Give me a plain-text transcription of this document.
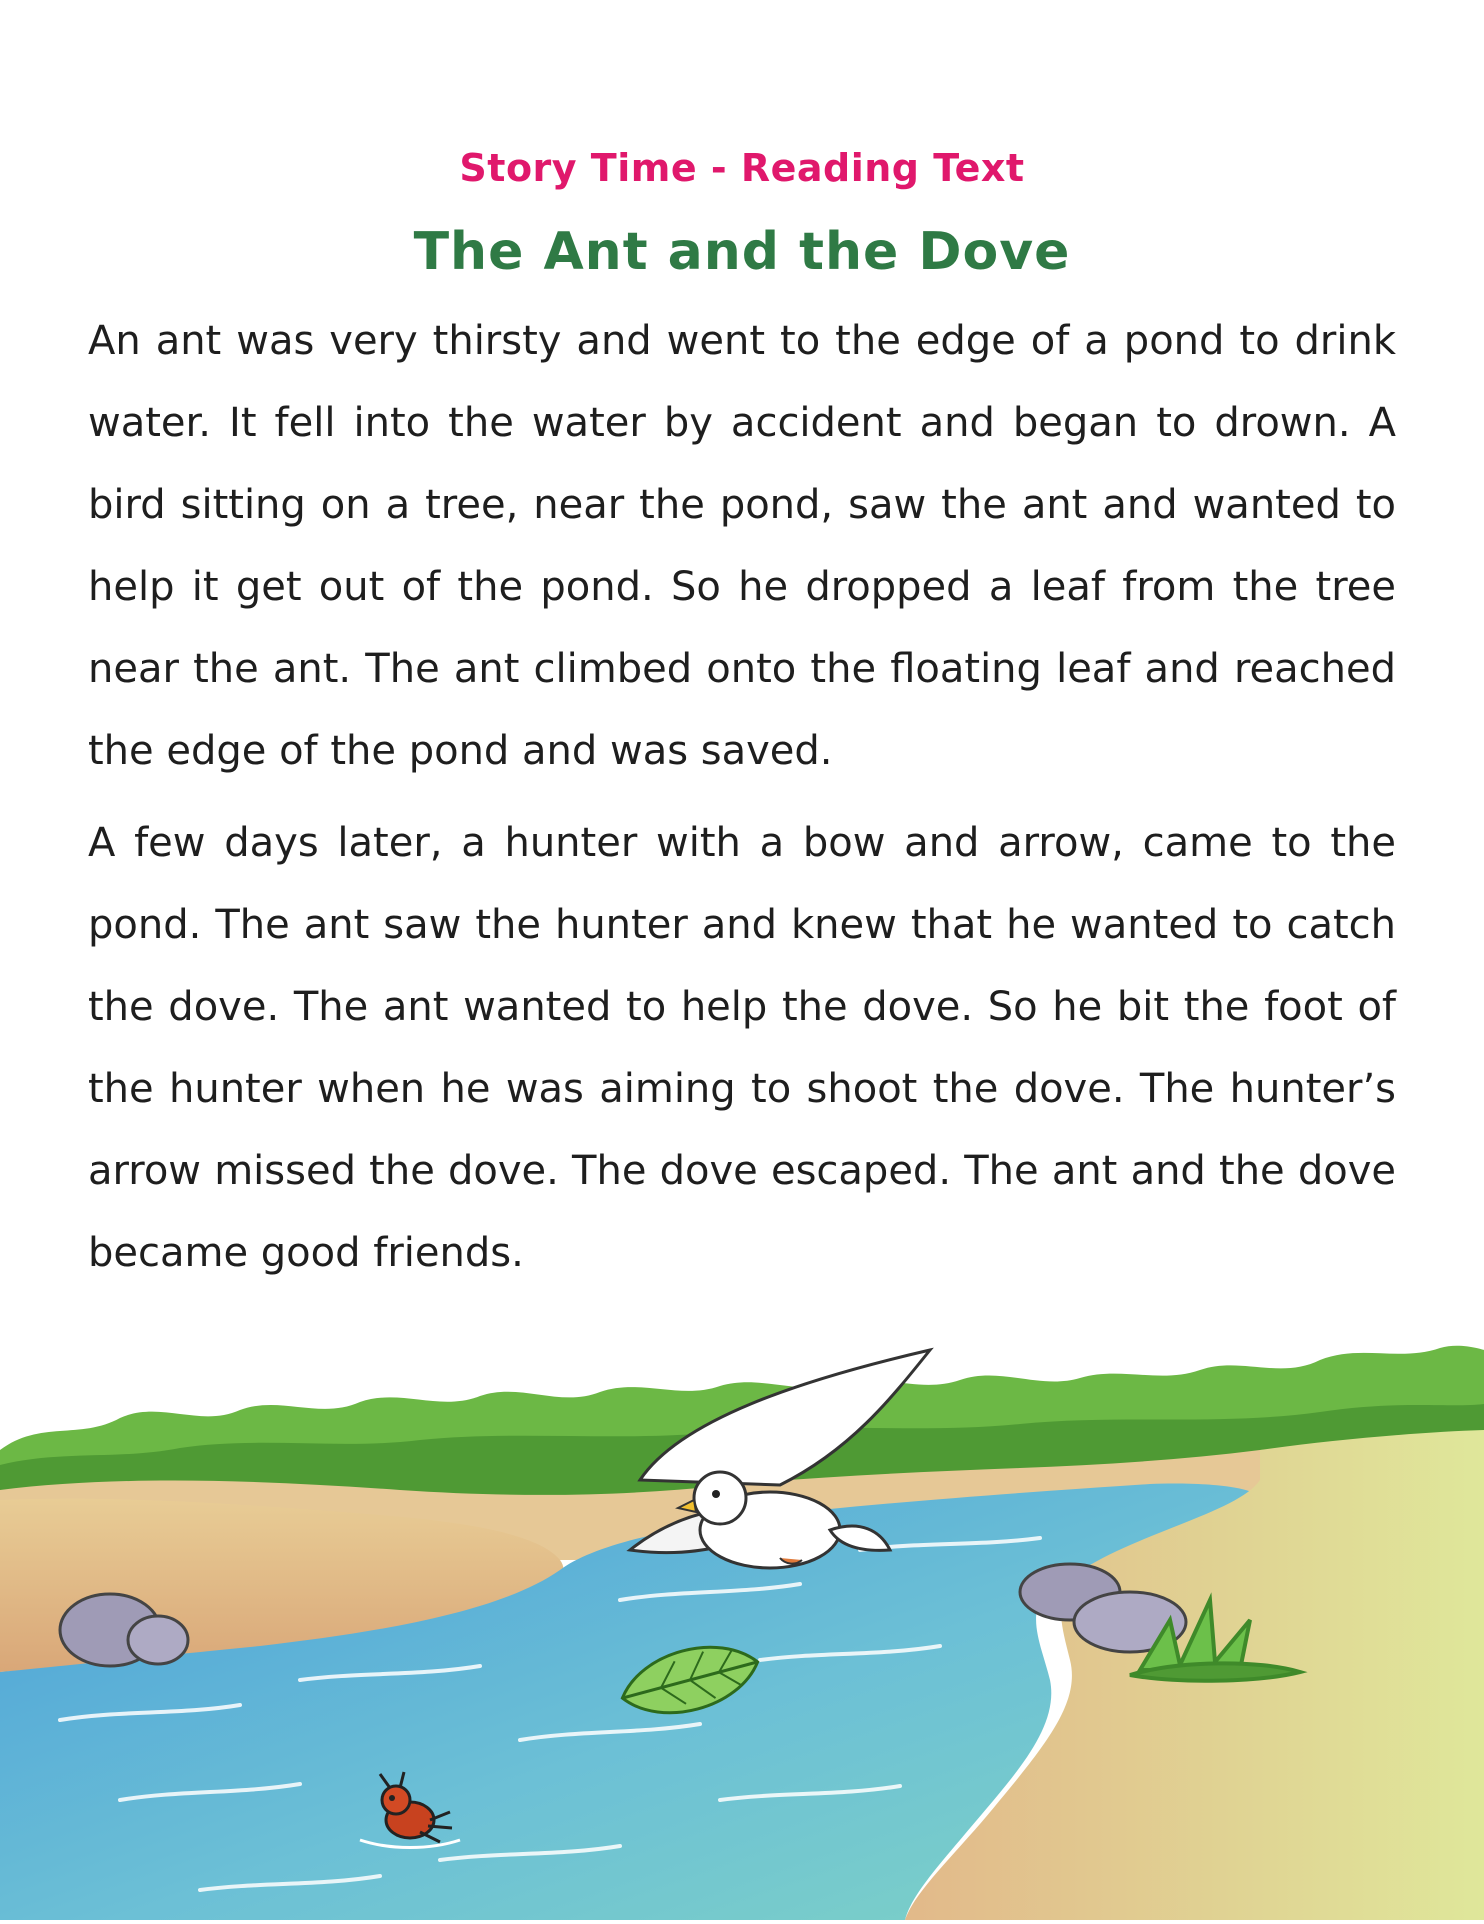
Story Time - Reading Text
The Ant and the Dove

An ant was very thirsty and went to the edge of a pond to drink water. It fell into the water by accident and began to drown. A bird sitting on a tree, near the pond, saw the ant and wanted to help it get out of the pond. So he dropped a leaf from the tree near the ant. The ant climbed onto the floating leaf and reached the edge of the pond and was saved.

A few days later, a hunter with a bow and arrow, came to the pond. The ant saw the hunter and knew that he wanted to catch the dove. The ant wanted to help the dove. So he bit the foot of the hunter when he was aiming to shoot the dove. The hunter’s arrow missed the dove. The dove escaped. The ant and the dove became good friends.
